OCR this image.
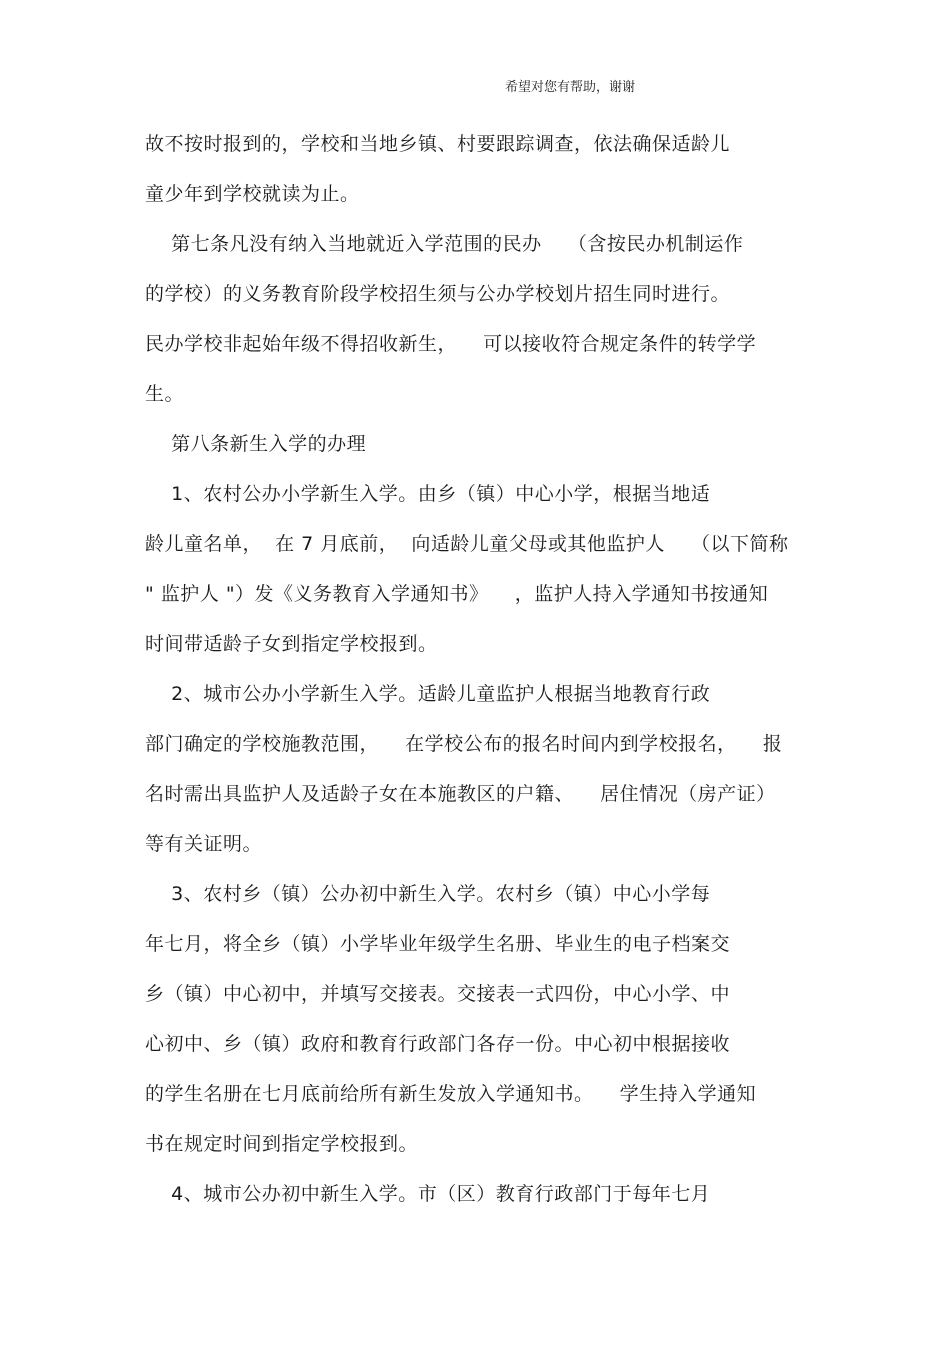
希望对您有帮助，谢谢
故不按时报到的，学校和当地乡镇、村要跟踪调查，依法确保适龄儿
童少年到学校就读为止。
第七条凡没有纳入当地就近入学范围的民办    （含按民办机制运作
的学校）的义务教育阶段学校招生须与公办学校划片招生同时进行。
民办学校非起始年级不得招收新生，    可以接收符合规定条件的转学学
生。
第八条新生入学的办理
1、农村公办小学新生入学。由乡（镇）中心小学，根据当地适
龄儿童名单，  在 7 月底前，  向适龄儿童父母或其他监护人    （以下简称
" 监护人 "）发《义务教育入学通知书》    ，监护人持入学通知书按通知
时间带适龄子女到指定学校报到。
2、城市公办小学新生入学。适龄儿童监护人根据当地教育行政
部门确定的学校施教范围，    在学校公布的报名时间内到学校报名，    报
名时需出具监护人及适龄子女在本施教区的户籍、    居住情况（房产证）
等有关证明。
3、农村乡（镇）公办初中新生入学。农村乡（镇）中心小学每
年七月，将全乡（镇）小学毕业年级学生名册、毕业生的电子档案交
乡（镇）中心初中，并填写交接表。交接表一式四份，中心小学、中
心初中、乡（镇）政府和教育行政部门各存一份。中心初中根据接收
的学生名册在七月底前给所有新生发放入学通知书。    学生持入学通知
书在规定时间到指定学校报到。
4、城市公办初中新生入学。市（区）教育行政部门于每年七月
